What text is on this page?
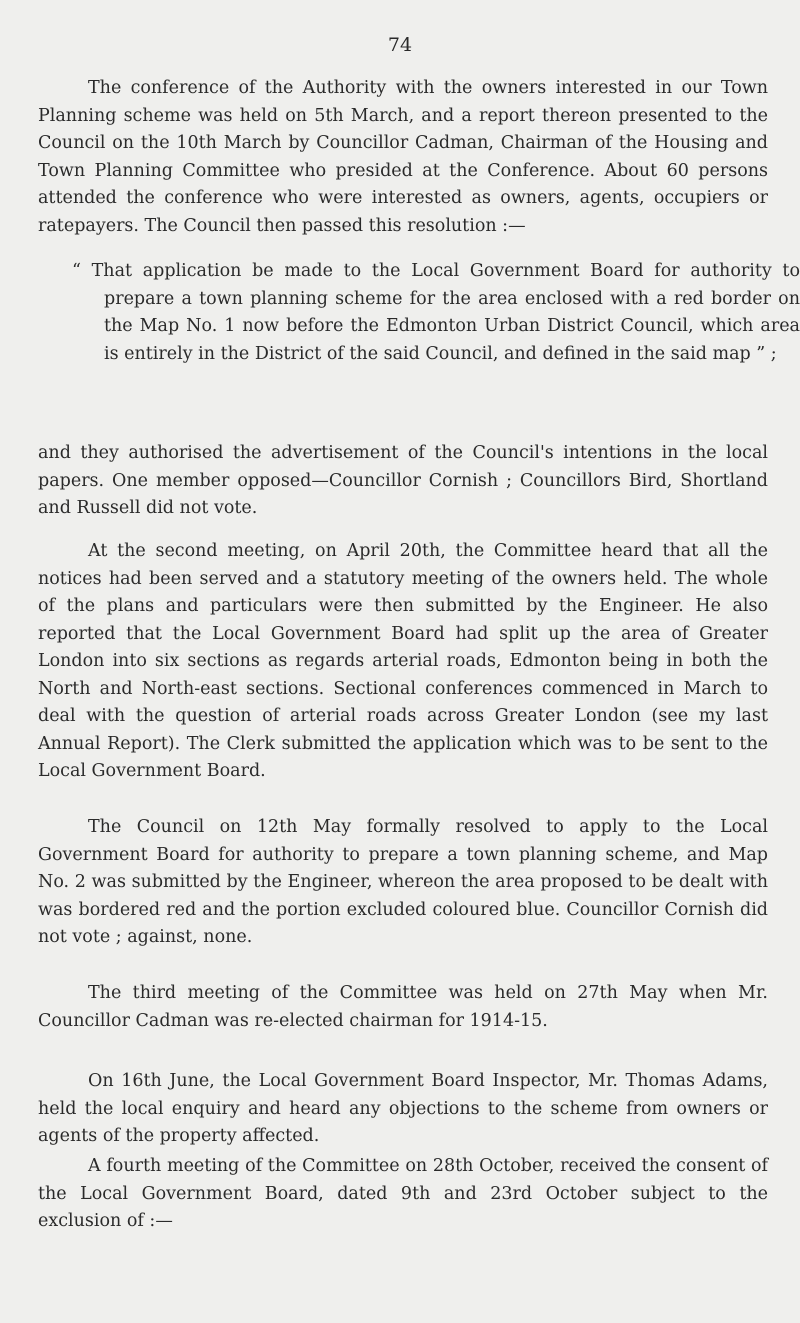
74

The conference of the Authority with the owners interested in our Town Planning scheme was held on 5th March, and a report thereon presented to the Council on the 10th March by Councillor Cadman, Chairman of the Housing and Town Planning Committee who presided at the Conference. About 60 persons attended the conference who were interested as owners, agents, occupiers or ratepayers. The Council then passed this resolution :—

“ That application be made to the Local Government Board for authority to prepare a town planning scheme for the area enclosed with a red border on the Map No. 1 now before the Edmonton Urban District Council, which area is entirely in the District of the said Council, and defined in the said map ” ;

and they authorised the advertisement of the Council's intentions in the local papers. One member opposed—Councillor Cornish ; Councillors Bird, Shortland and Russell did not vote.

At the second meeting, on April 20th, the Committee heard that all the notices had been served and a statutory meeting of the owners held. The whole of the plans and particulars were then submitted by the Engineer. He also reported that the Local Government Board had split up the area of Greater London into six sections as regards arterial roads, Edmonton being in both the North and North-east sections. Sectional conferences commenced in March to deal with the question of arterial roads across Greater London (see my last Annual Report). The Clerk submitted the application which was to be sent to the Local Government Board.

The Council on 12th May formally resolved to apply to the Local Government Board for authority to prepare a town planning scheme, and Map No. 2 was submitted by the Engineer, whereon the area proposed to be dealt with was bordered red and the portion excluded coloured blue. Councillor Cornish did not vote ; against, none.

The third meeting of the Committee was held on 27th May when Mr. Councillor Cadman was re-elected chairman for 1914-15.

On 16th June, the Local Government Board Inspector, Mr. Thomas Adams, held the local enquiry and heard any objections to the scheme from owners or agents of the property affected.

A fourth meeting of the Committee on 28th October, received the consent of the Local Government Board, dated 9th and 23rd October subject to the exclusion of :—
